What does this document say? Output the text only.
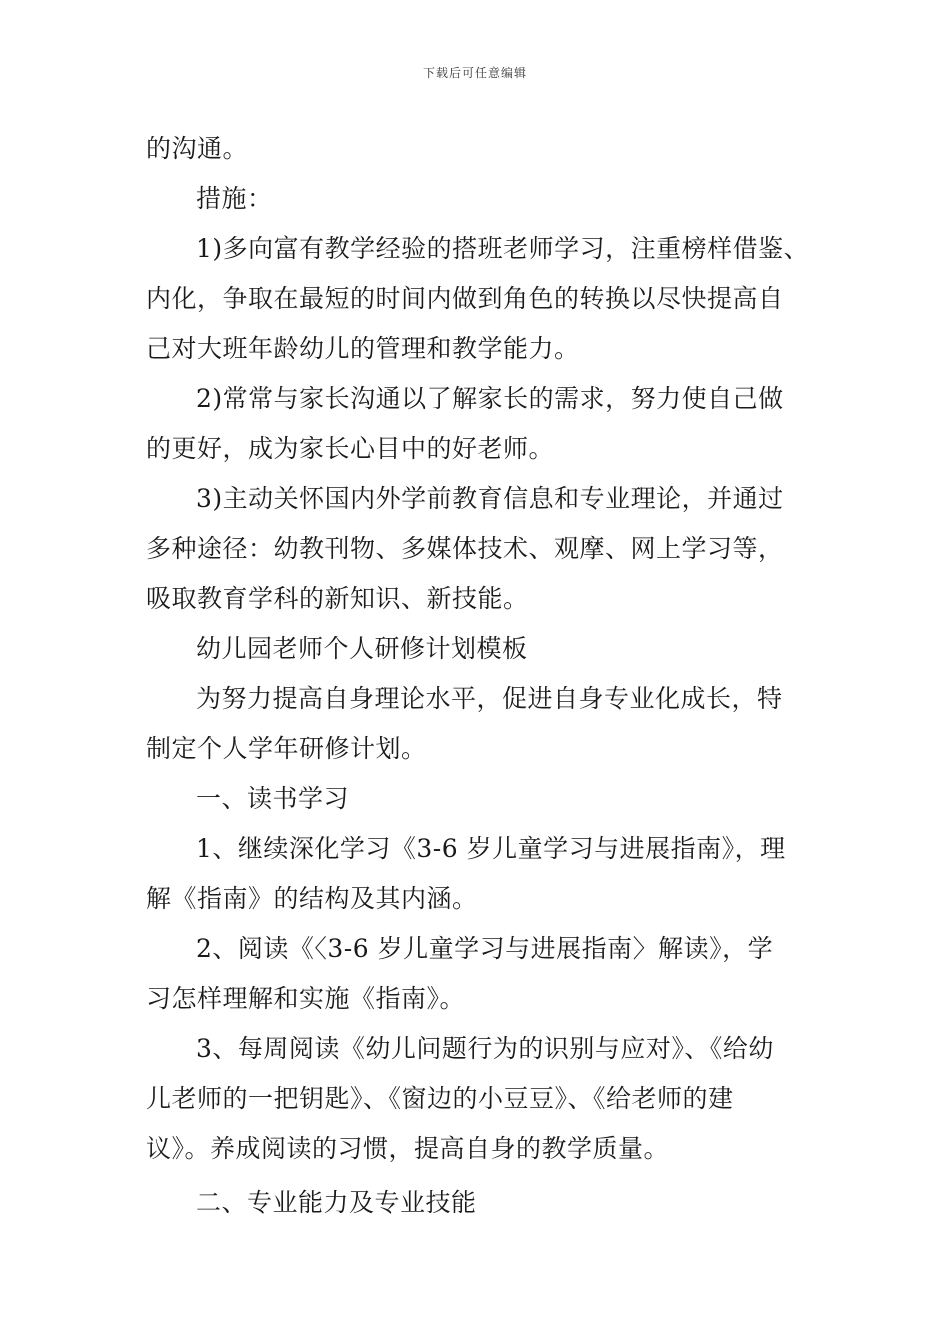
下载后可任意编辑
的沟通。
措施：
1)多向富有教学经验的搭班老师学习，注重榜样借鉴、
内化，争取在最短的时间内做到角色的转换以尽快提高自
己对大班年龄幼儿的管理和教学能力。
2)常常与家长沟通以了解家长的需求，努力使自己做
的更好，成为家长心目中的好老师。
3)主动关怀国内外学前教育信息和专业理论，并通过
多种途径：幼教刊物、多媒体技术、观摩、网上学习等，
吸取教育学科的新知识、新技能。
幼儿园老师个人研修计划模板
为努力提高自身理论水平，促进自身专业化成长，特
制定个人学年研修计划。
一、读书学习
1、继续深化学习《3-6 岁儿童学习与进展指南》，理
解《指南》的结构及其内涵。
2、阅读《〈3-6 岁儿童学习与进展指南〉解读》，学
习怎样理解和实施《指南》。
3、每周阅读《幼儿问题行为的识别与应对》、《给幼
儿老师的一把钥匙》、《窗边的小豆豆》、《给老师的建
议》。养成阅读的习惯，提高自身的教学质量。
二、专业能力及专业技能
